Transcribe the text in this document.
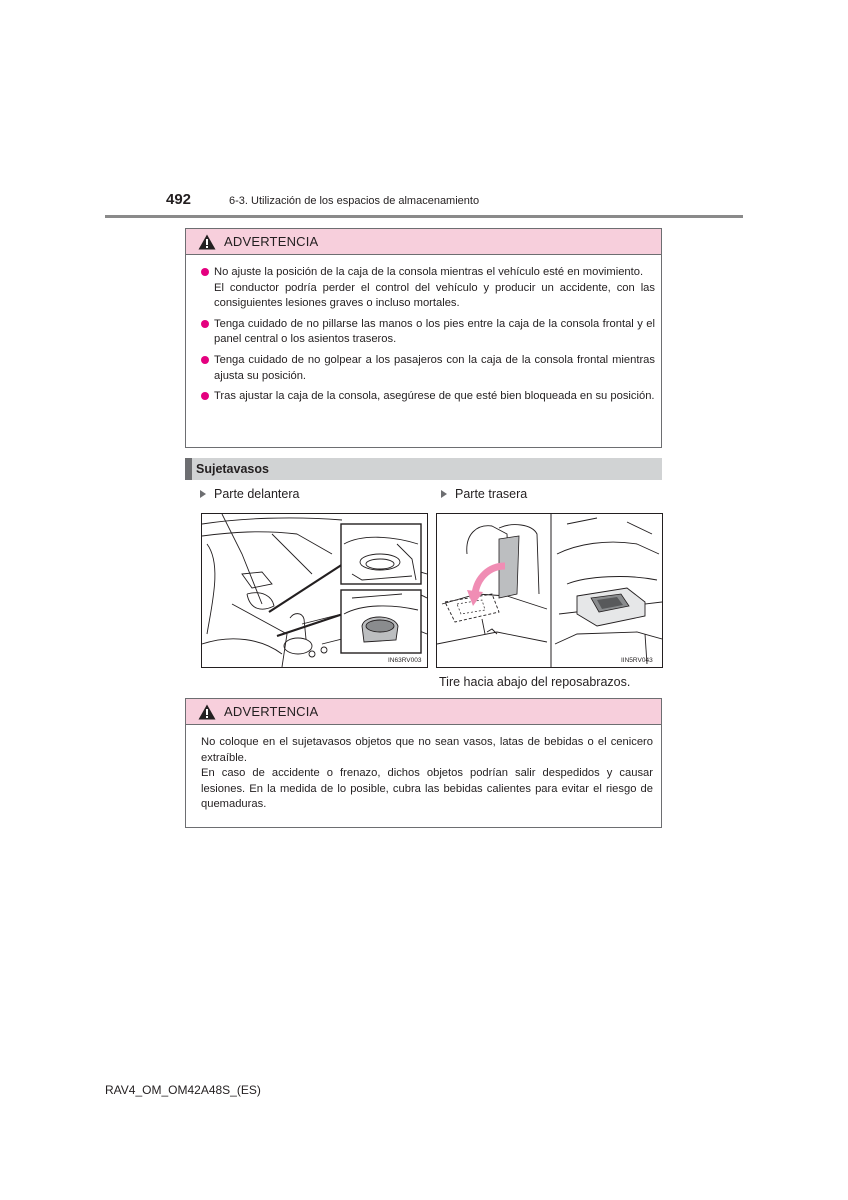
492	6-3. Utilización de los espacios de almacenamiento
ADVERTENCIA
No ajuste la posición de la caja de la consola mientras el vehículo esté en movimiento.
El conductor podría perder el control del vehículo y producir un accidente, con las consiguientes lesiones graves o incluso mortales.
Tenga cuidado de no pillarse las manos o los pies entre la caja de la consola frontal y el panel central o los asientos traseros.
Tenga cuidado de no golpear a los pasajeros con la caja de la consola frontal mientras ajusta su posición.
Tras ajustar la caja de la consola, asegúrese de que esté bien bloqueada en su posición.
Sujetavasos
Parte delantera	Parte trasera
IN63RV003	IIN5RV043
Tire hacia abajo del reposabrazos.
ADVERTENCIA
No coloque en el sujetavasos objetos que no sean vasos, latas de bebidas o el cenicero extraíble.
En caso de accidente o frenazo, dichos objetos podrían salir despedidos y causar lesiones. En la medida de lo posible, cubra las bebidas calientes para evitar el riesgo de quemaduras.
RAV4_OM_OM42A48S_(ES)
